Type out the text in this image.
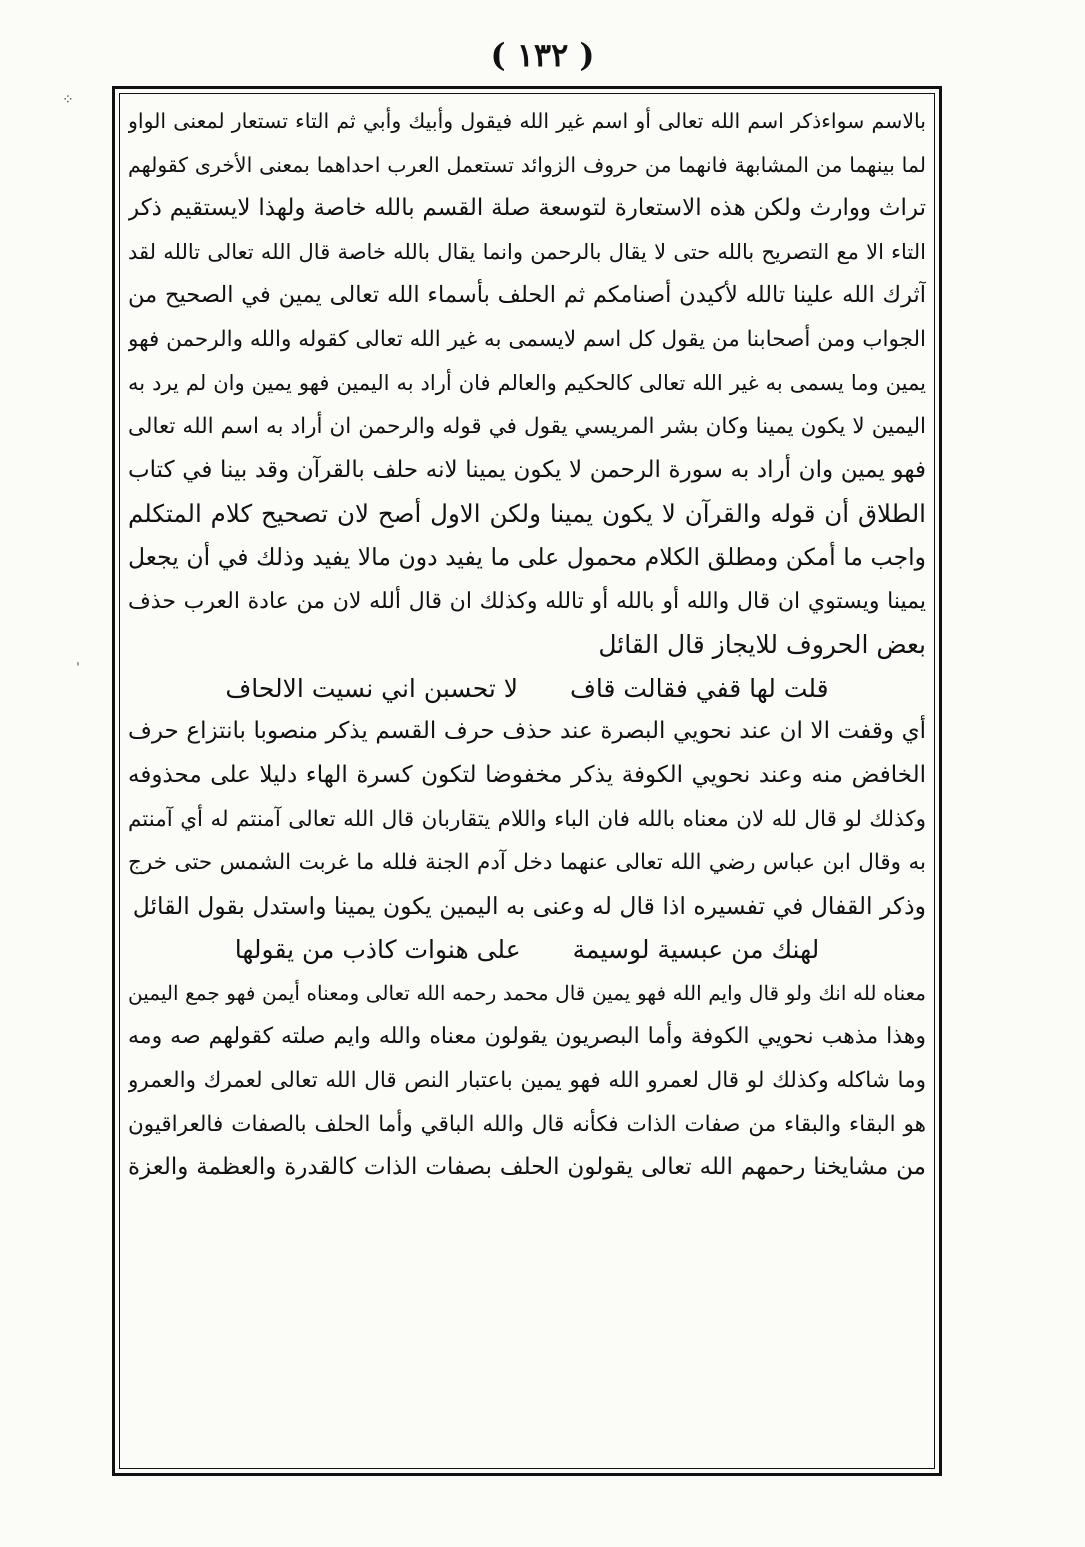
( ١٣٢ )
⁘
ˌ
بالاسم سواءذكر اسم الله تعالى أو اسم غير الله فيقول وأبيك وأبي ثم التاء تستعار لمعنى الواو
لما بينهما من المشابهة فانهما من حروف الزوائد تستعمل العرب احداهما بمعنى الأخرى كقولهم
تراث ووارث ولكن هذه الاستعارة لتوسعة صلة القسم بالله خاصة ولهذا لايستقيم ذكر
التاء الا مع التصريح بالله حتى لا يقال بالرحمن وانما يقال بالله خاصة قال الله تعالى تالله لقد
آثرك الله علينا تالله لأكيدن أصنامكم ثم الحلف بأسماء الله تعالى يمين في الصحيح من
الجواب ومن أصحابنا من يقول كل اسم لايسمى به غير الله تعالى كقوله والله والرحمن فهو
يمين وما يسمى به غير الله تعالى كالحكيم والعالم فان أراد به اليمين فهو يمين وان لم يرد به
اليمين لا يكون يمينا وكان بشر المريسي يقول في قوله والرحمن ان أراد به اسم الله تعالى
فهو يمين وان أراد به سورة الرحمن لا يكون يمينا لانه حلف بالقرآن وقد بينا في كتاب
الطلاق أن قوله والقرآن لا يكون يمينا ولكن الاول أصح لان تصحيح كلام المتكلم
واجب ما أمكن ومطلق الكلام محمول على ما يفيد دون مالا يفيد وذلك في أن يجعل
يمينا ويستوي ان قال والله أو بالله أو تالله وكذلك ان قال ألله لان من عادة العرب حذف
بعض الحروف للايجاز قال القائل
قلت لها قفي فقالت قاف
لا تحسبن اني نسيت الالحاف
أي وقفت الا ان عند نحويي البصرة عند حذف حرف القسم يذكر منصوبا بانتزاع حرف
الخافض منه وعند نحويي الكوفة يذكر مخفوضا لتكون كسرة الهاء دليلا على محذوفه
وكذلك لو قال لله لان معناه بالله فان الباء واللام يتقاربان قال الله تعالى آمنتم له أي آمنتم
به وقال ابن عباس رضي الله تعالى عنهما دخل آدم الجنة فلله ما غربت الشمس حتى خرج
وذكر القفال في تفسيره اذا قال له وعنى به اليمين يكون يمينا واستدل بقول القائل
لهنك من عبسية لوسيمة
على هنوات كاذب من يقولها
معناه لله انك ولو قال وايم الله فهو يمين قال محمد رحمه الله تعالى ومعناه أيمن فهو جمع اليمين
وهذا مذهب نحويي الكوفة وأما البصريون يقولون معناه والله وايم صلته كقولهم صه ومه
وما شاكله وكذلك لو قال لعمرو الله فهو يمين باعتبار النص قال الله تعالى لعمرك والعمرو
هو البقاء والبقاء من صفات الذات فكأنه قال والله الباقي وأما الحلف بالصفات فالعراقيون
من مشايخنا رحمهم الله تعالى يقولون الحلف بصفات الذات كالقدرة والعظمة والعزة
